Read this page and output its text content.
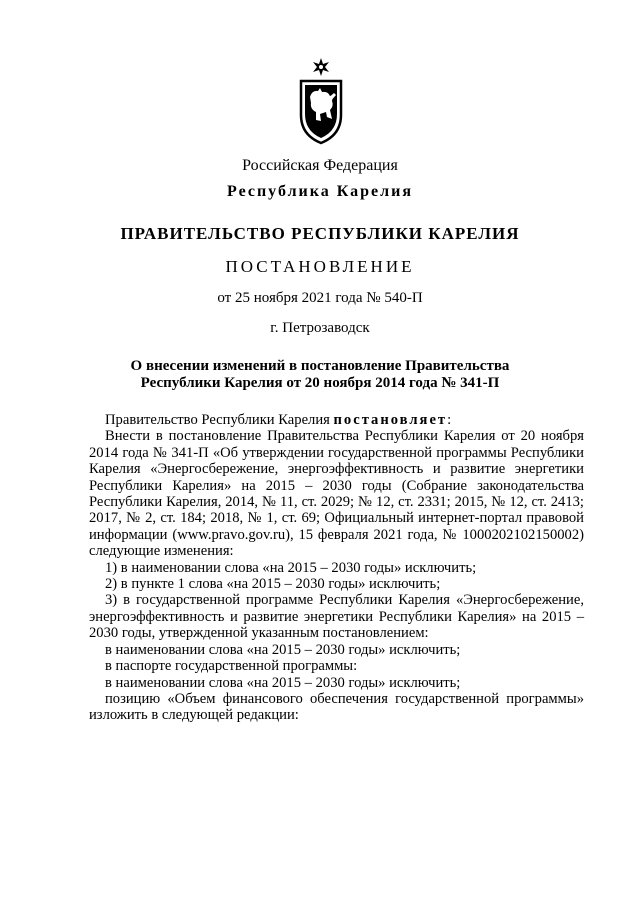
Российская Федерация
Республика Карелия
ПРАВИТЕЛЬСТВО РЕСПУБЛИКИ КАРЕЛИЯ
ПОСТАНОВЛЕНИЕ
от 25 ноября 2021 года № 540-П
г. Петрозаводск
О внесении изменений в постановление Правительства
Республики Карелия от 20 ноября 2014 года № 341-П

Правительство Республики Карелия постановляет:

Внести в постановление Правительства Республики Карелия от 20 ноября 2014 года № 341-П «Об утверждении государственной программы Республики Карелия «Энергосбережение, энергоэффективность и развитие энергетики Республики Карелия» на 2015 – 2030 годы (Собрание законодательства Республики Карелия, 2014, № 11, ст. 2029; № 12, ст. 2331; 2015, № 12, ст. 2413; 2017, № 2, ст. 184; 2018, № 1, ст. 69; Официальный интернет-портал правовой информации (www.pravo.gov.ru), 15 февраля 2021 года, № 1000202102150002) следующие изменения:

1) в наименовании слова «на 2015 – 2030 годы» исключить;

2) в пункте 1 слова «на 2015 – 2030 годы» исключить;

3) в государственной программе Республики Карелия «Энергосбережение, энергоэффективность и развитие энергетики Республики Карелия» на 2015 – 2030 годы, утвержденной указанным постановлением:

в наименовании слова «на 2015 – 2030 годы» исключить;

в паспорте государственной программы:

в наименовании слова «на 2015 – 2030 годы» исключить;

позицию «Объем финансового обеспечения государственной программы» изложить в следующей редакции:
